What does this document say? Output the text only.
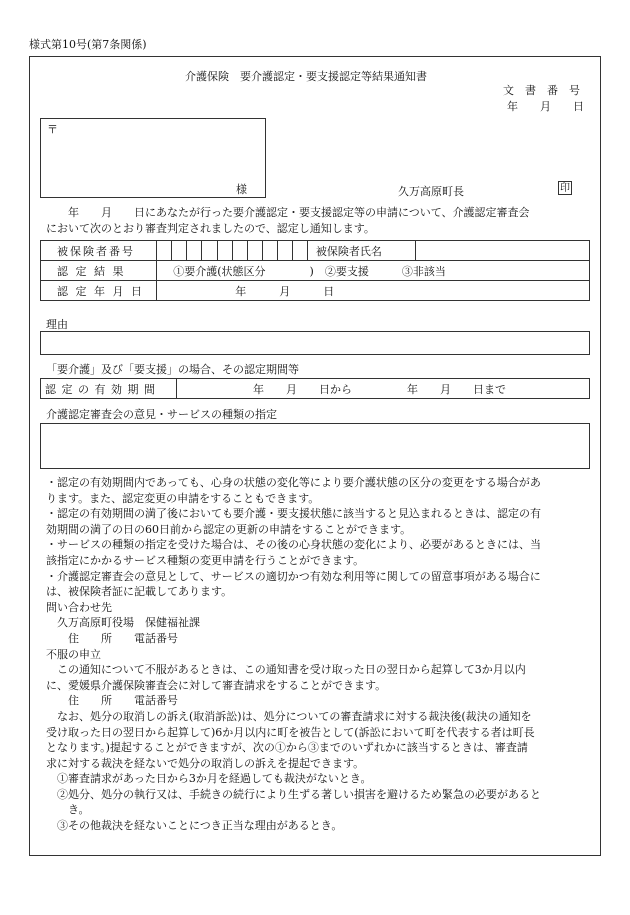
様式第10号(第7条関係)
介護保険　要介護認定・要支援認定等結果通知書
文　書　番　号
年　　月　　日
〒
様	久万高原町長	印
　　年　　月　　日にあなたが行った要介護認定・要支援認定等の申請について、介護認定審査会
において次のとおり審査判定されましたので、認定し通知します。
被保険者番号											被保険者氏名	
認 定 結 果	①要介護(状態区分　　　　)　②要支援　　　③非該当											
認 定 年 月 日	年　　　月　　　日											
理由
「要介護」及び「要支援」の場合、その認定期間等
認 定 の 有 効 期 間	年　　月　　日から　　　　　年　　月　　日まで
介護認定審査会の意見・サービスの種類の指定
・認定の有効期間内であっても、心身の状態の変化等により要介護状態の区分の変更をする場合があ
ります。また、認定変更の申請をすることもできます。
・認定の有効期間の満了後においても要介護・要支援状態に該当すると見込まれるときは、認定の有
効期間の満了の日の60日前から認定の更新の申請をすることができます。
・サービスの種類の指定を受けた場合は、その後の心身状態の変化により、必要があるときには、当
該指定にかかるサービス種類の変更申請を行うことができます。
・介護認定審査会の意見として、サービスの適切かつ有効な利用等に関しての留意事項がある場合に
は、被保険者証に記載してあります。
問い合わせ先
　久万高原町役場　保健福祉課
　　住　　所　　電話番号
不服の申立
　この通知について不服があるときは、この通知書を受け取った日の翌日から起算して3か月以内
に、愛媛県介護保険審査会に対して審査請求をすることができます。
　　住　　所　　電話番号
　なお、処分の取消しの訴え(取消訴訟)は、処分についての審査請求に対する裁決後(裁決の通知を
受け取った日の翌日から起算して)6か月以内に町を被告として(訴訟において町を代表する者は町長
となります。)提起することができますが、次の①から③までのいずれかに該当するときは、審査請
求に対する裁決を経ないで処分の取消しの訴えを提起できます。
　①審査請求があった日から3か月を経過しても裁決がないとき。
　②処分、処分の執行又は、手続きの続行により生ずる著しい損害を避けるため緊急の必要があると
　　き。
　③その他裁決を経ないことにつき正当な理由があるとき。
